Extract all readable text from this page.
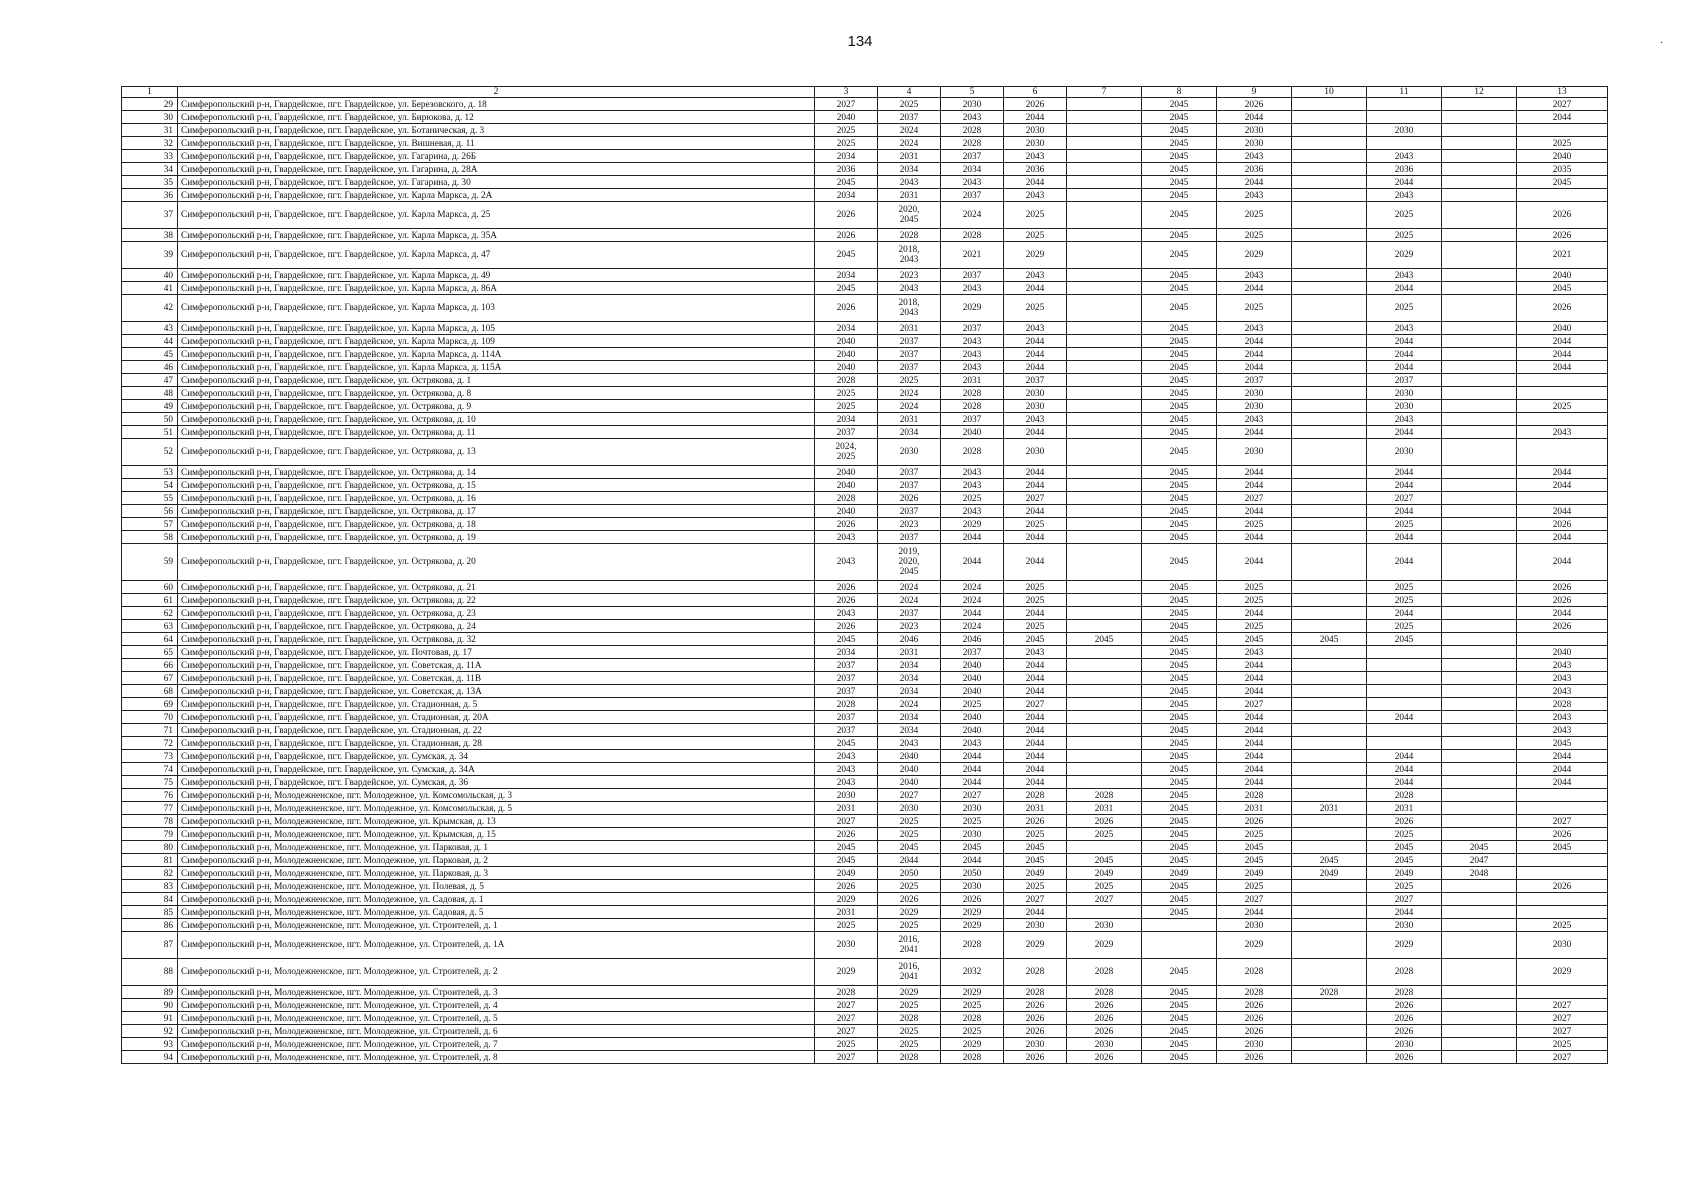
134	·
1	2	3	4	5	6	7	8	9	10	11	12	13
29	Симферопольский р-н, Гвардейское, пгт. Гвардейское, ул. Березовского, д. 18	2027	2025	2030	2026		2045	2026				2027
30	Симферопольский р-н, Гвардейское, пгт. Гвардейское, ул. Бирюкова, д. 12	2040	2037	2043	2044		2045	2044				2044
31	Симферопольский р-н, Гвардейское, пгт. Гвардейское, ул. Ботаническая, д. 3	2025	2024	2028	2030		2045	2030		2030		
32	Симферопольский р-н, Гвардейское, пгт. Гвардейское, ул. Вишневая, д. 11	2025	2024	2028	2030		2045	2030				2025
33	Симферопольский р-н, Гвардейское, пгт. Гвардейское, ул. Гагарина, д. 26Б	2034	2031	2037	2043		2045	2043		2043		2040
34	Симферопольский р-н, Гвардейское, пгт. Гвардейское, ул. Гагарина, д. 28А	2036	2034	2034	2036		2045	2036		2036		2035
35	Симферопольский р-н, Гвардейское, пгт. Гвардейское, ул. Гагарина, д. 30	2045	2043	2043	2044		2045	2044		2044		2045
36	Симферопольский р-н, Гвардейское, пгт. Гвардейское, ул. Карла Маркса, д. 2А	2034	2031	2037	2043		2045	2043		2043		
37	Симферопольский р-н, Гвардейское, пгт. Гвардейское, ул. Карла Маркса, д. 25	2026	2020,
2045	2024	2025		2045	2025		2025		2026
38	Симферопольский р-н, Гвардейское, пгт. Гвардейское, ул. Карла Маркса, д. 35А	2026	2028	2028	2025		2045	2025		2025		2026
39	Симферопольский р-н, Гвардейское, пгт. Гвардейское, ул. Карла Маркса, д. 47	2045	2018,
2043	2021	2029		2045	2029		2029		2021
40	Симферопольский р-н, Гвардейское, пгт. Гвардейское, ул. Карла Маркса, д. 49	2034	2023	2037	2043		2045	2043		2043		2040
41	Симферопольский р-н, Гвардейское, пгт. Гвардейское, ул. Карла Маркса, д. 86А	2045	2043	2043	2044		2045	2044		2044		2045
42	Симферопольский р-н, Гвардейское, пгт. Гвардейское, ул. Карла Маркса, д. 103	2026	2018,
2043	2029	2025		2045	2025		2025		2026
43	Симферопольский р-н, Гвардейское, пгт. Гвардейское, ул. Карла Маркса, д. 105	2034	2031	2037	2043		2045	2043		2043		2040
44	Симферопольский р-н, Гвардейское, пгт. Гвардейское, ул. Карла Маркса, д. 109	2040	2037	2043	2044		2045	2044		2044		2044
45	Симферопольский р-н, Гвардейское, пгт. Гвардейское, ул. Карла Маркса, д. 114А	2040	2037	2043	2044		2045	2044		2044		2044
46	Симферопольский р-н, Гвардейское, пгт. Гвардейское, ул. Карла Маркса, д. 115А	2040	2037	2043	2044		2045	2044		2044		2044
47	Симферопольский р-н, Гвардейское, пгт. Гвардейское, ул. Острякова, д. 1	2028	2025	2031	2037		2045	2037		2037		
48	Симферопольский р-н, Гвардейское, пгт. Гвардейское, ул. Острякова, д. 8	2025	2024	2028	2030		2045	2030		2030		
49	Симферопольский р-н, Гвардейское, пгт. Гвардейское, ул. Острякова, д. 9	2025	2024	2028	2030		2045	2030		2030		2025
50	Симферопольский р-н, Гвардейское, пгт. Гвардейское, ул. Острякова, д. 10	2034	2031	2037	2043		2045	2043		2043		
51	Симферопольский р-н, Гвардейское, пгт. Гвардейское, ул. Острякова, д. 11	2037	2034	2040	2044		2045	2044		2044		2043
52	Симферопольский р-н, Гвардейское, пгт. Гвардейское, ул. Острякова, д. 13	2024,
2025	2030	2028	2030		2045	2030		2030		
53	Симферопольский р-н, Гвардейское, пгт. Гвардейское, ул. Острякова, д. 14	2040	2037	2043	2044		2045	2044		2044		2044
54	Симферопольский р-н, Гвардейское, пгт. Гвардейское, ул. Острякова, д. 15	2040	2037	2043	2044		2045	2044		2044		2044
55	Симферопольский р-н, Гвардейское, пгт. Гвардейское, ул. Острякова, д. 16	2028	2026	2025	2027		2045	2027		2027		
56	Симферопольский р-н, Гвардейское, пгт. Гвардейское, ул. Острякова, д. 17	2040	2037	2043	2044		2045	2044		2044		2044
57	Симферопольский р-н, Гвардейское, пгт. Гвардейское, ул. Острякова, д. 18	2026	2023	2029	2025		2045	2025		2025		2026
58	Симферопольский р-н, Гвардейское, пгт. Гвардейское, ул. Острякова, д. 19	2043	2037	2044	2044		2045	2044		2044		2044
59	Симферопольский р-н, Гвардейское, пгт. Гвардейское, ул. Острякова, д. 20	2043	2019,
2020,
2045	2044	2044		2045	2044		2044		2044
60	Симферопольский р-н, Гвардейское, пгт. Гвардейское, ул. Острякова, д. 21	2026	2024	2024	2025		2045	2025		2025		2026
61	Симферопольский р-н, Гвардейское, пгт. Гвардейское, ул. Острякова, д. 22	2026	2024	2024	2025		2045	2025		2025		2026
62	Симферопольский р-н, Гвардейское, пгт. Гвардейское, ул. Острякова, д. 23	2043	2037	2044	2044		2045	2044		2044		2044
63	Симферопольский р-н, Гвардейское, пгт. Гвардейское, ул. Острякова, д. 24	2026	2023	2024	2025		2045	2025		2025		2026
64	Симферопольский р-н, Гвардейское, пгт. Гвардейское, ул. Острякова, д. 32	2045	2046	2046	2045	2045	2045	2045	2045	2045		
65	Симферопольский р-н, Гвардейское, пгт. Гвардейское, ул. Почтовая, д. 17	2034	2031	2037	2043		2045	2043				2040
66	Симферопольский р-н, Гвардейское, пгт. Гвардейское, ул. Советская, д. 11А	2037	2034	2040	2044		2045	2044				2043
67	Симферопольский р-н, Гвардейское, пгт. Гвардейское, ул. Советская, д. 11В	2037	2034	2040	2044		2045	2044				2043
68	Симферопольский р-н, Гвардейское, пгт. Гвардейское, ул. Советская, д. 13А	2037	2034	2040	2044		2045	2044				2043
69	Симферопольский р-н, Гвардейское, пгт. Гвардейское, ул. Стадионная, д. 5	2028	2024	2025	2027		2045	2027				2028
70	Симферопольский р-н, Гвардейское, пгт. Гвардейское, ул. Стадионная, д. 20А	2037	2034	2040	2044		2045	2044		2044		2043
71	Симферопольский р-н, Гвардейское, пгт. Гвардейское, ул. Стадионная, д. 22	2037	2034	2040	2044		2045	2044				2043
72	Симферопольский р-н, Гвардейское, пгт. Гвардейское, ул. Стадионная, д. 28	2045	2043	2043	2044		2045	2044				2045
73	Симферопольский р-н, Гвардейское, пгт. Гвардейское, ул. Сумская, д. 34	2043	2040	2044	2044		2045	2044		2044		2044
74	Симферопольский р-н, Гвардейское, пгт. Гвардейское, ул. Сумская, д. 34А	2043	2040	2044	2044		2045	2044		2044		2044
75	Симферопольский р-н, Гвардейское, пгт. Гвардейское, ул. Сумская, д. 36	2043	2040	2044	2044		2045	2044		2044		2044
76	Симферопольский р-н, Молодежненское, пгт. Молодежное, ул. Комсомольская, д. 3	2030	2027	2027	2028	2028	2045	2028		2028		
77	Симферопольский р-н, Молодежненское, пгт. Молодежное, ул. Комсомольская, д. 5	2031	2030	2030	2031	2031	2045	2031	2031	2031		
78	Симферопольский р-н, Молодежненское, пгт. Молодежное, ул. Крымская, д. 13	2027	2025	2025	2026	2026	2045	2026		2026		2027
79	Симферопольский р-н, Молодежненское, пгт. Молодежное, ул. Крымская, д. 15	2026	2025	2030	2025	2025	2045	2025		2025		2026
80	Симферопольский р-н, Молодежненское, пгт. Молодежное, ул. Парковая, д. 1	2045	2045	2045	2045		2045	2045		2045	2045	2045
81	Симферопольский р-н, Молодежненское, пгт. Молодежное, ул. Парковая, д. 2	2045	2044	2044	2045	2045	2045	2045	2045	2045	2047	
82	Симферопольский р-н, Молодежненское, пгт. Молодежное, ул. Парковая, д. 3	2049	2050	2050	2049	2049	2049	2049	2049	2049	2048	
83	Симферопольский р-н, Молодежненское, пгт. Молодежное, ул. Полевая, д. 5	2026	2025	2030	2025	2025	2045	2025		2025		2026
84	Симферопольский р-н, Молодежненское, пгт. Молодежное, ул. Садовая, д. 1	2029	2026	2026	2027	2027	2045	2027		2027		
85	Симферопольский р-н, Молодежненское, пгт. Молодежное, ул. Садовая, д. 5	2031	2029	2029	2044		2045	2044		2044		
86	Симферопольский р-н, Молодежненское, пгт. Молодежное, ул. Строителей, д. 1	2025	2025	2029	2030	2030		2030		2030		2025
87	Симферопольский р-н, Молодежненское, пгт. Молодежное, ул. Строителей, д. 1А	2030	2016,
2041	2028	2029	2029		2029		2029		2030
88	Симферопольский р-н, Молодежненское, пгт. Молодежное, ул. Строителей, д. 2	2029	2016,
2041	2032	2028	2028	2045	2028		2028		2029
89	Симферопольский р-н, Молодежненское, пгт. Молодежное, ул. Строителей, д. 3	2028	2029	2029	2028	2028	2045	2028	2028	2028		
90	Симферопольский р-н, Молодежненское, пгт. Молодежное, ул. Строителей, д. 4	2027	2025	2025	2026	2026	2045	2026		2026		2027
91	Симферопольский р-н, Молодежненское, пгт. Молодежное, ул. Строителей, д. 5	2027	2028	2028	2026	2026	2045	2026		2026		2027
92	Симферопольский р-н, Молодежненское, пгт. Молодежное, ул. Строителей, д. 6	2027	2025	2025	2026	2026	2045	2026		2026		2027
93	Симферопольский р-н, Молодежненское, пгт. Молодежное, ул. Строителей, д. 7	2025	2025	2029	2030	2030	2045	2030		2030		2025
94	Симферопольский р-н, Молодежненское, пгт. Молодежное, ул. Строителей, д. 8	2027	2028	2028	2026	2026	2045	2026		2026		2027
